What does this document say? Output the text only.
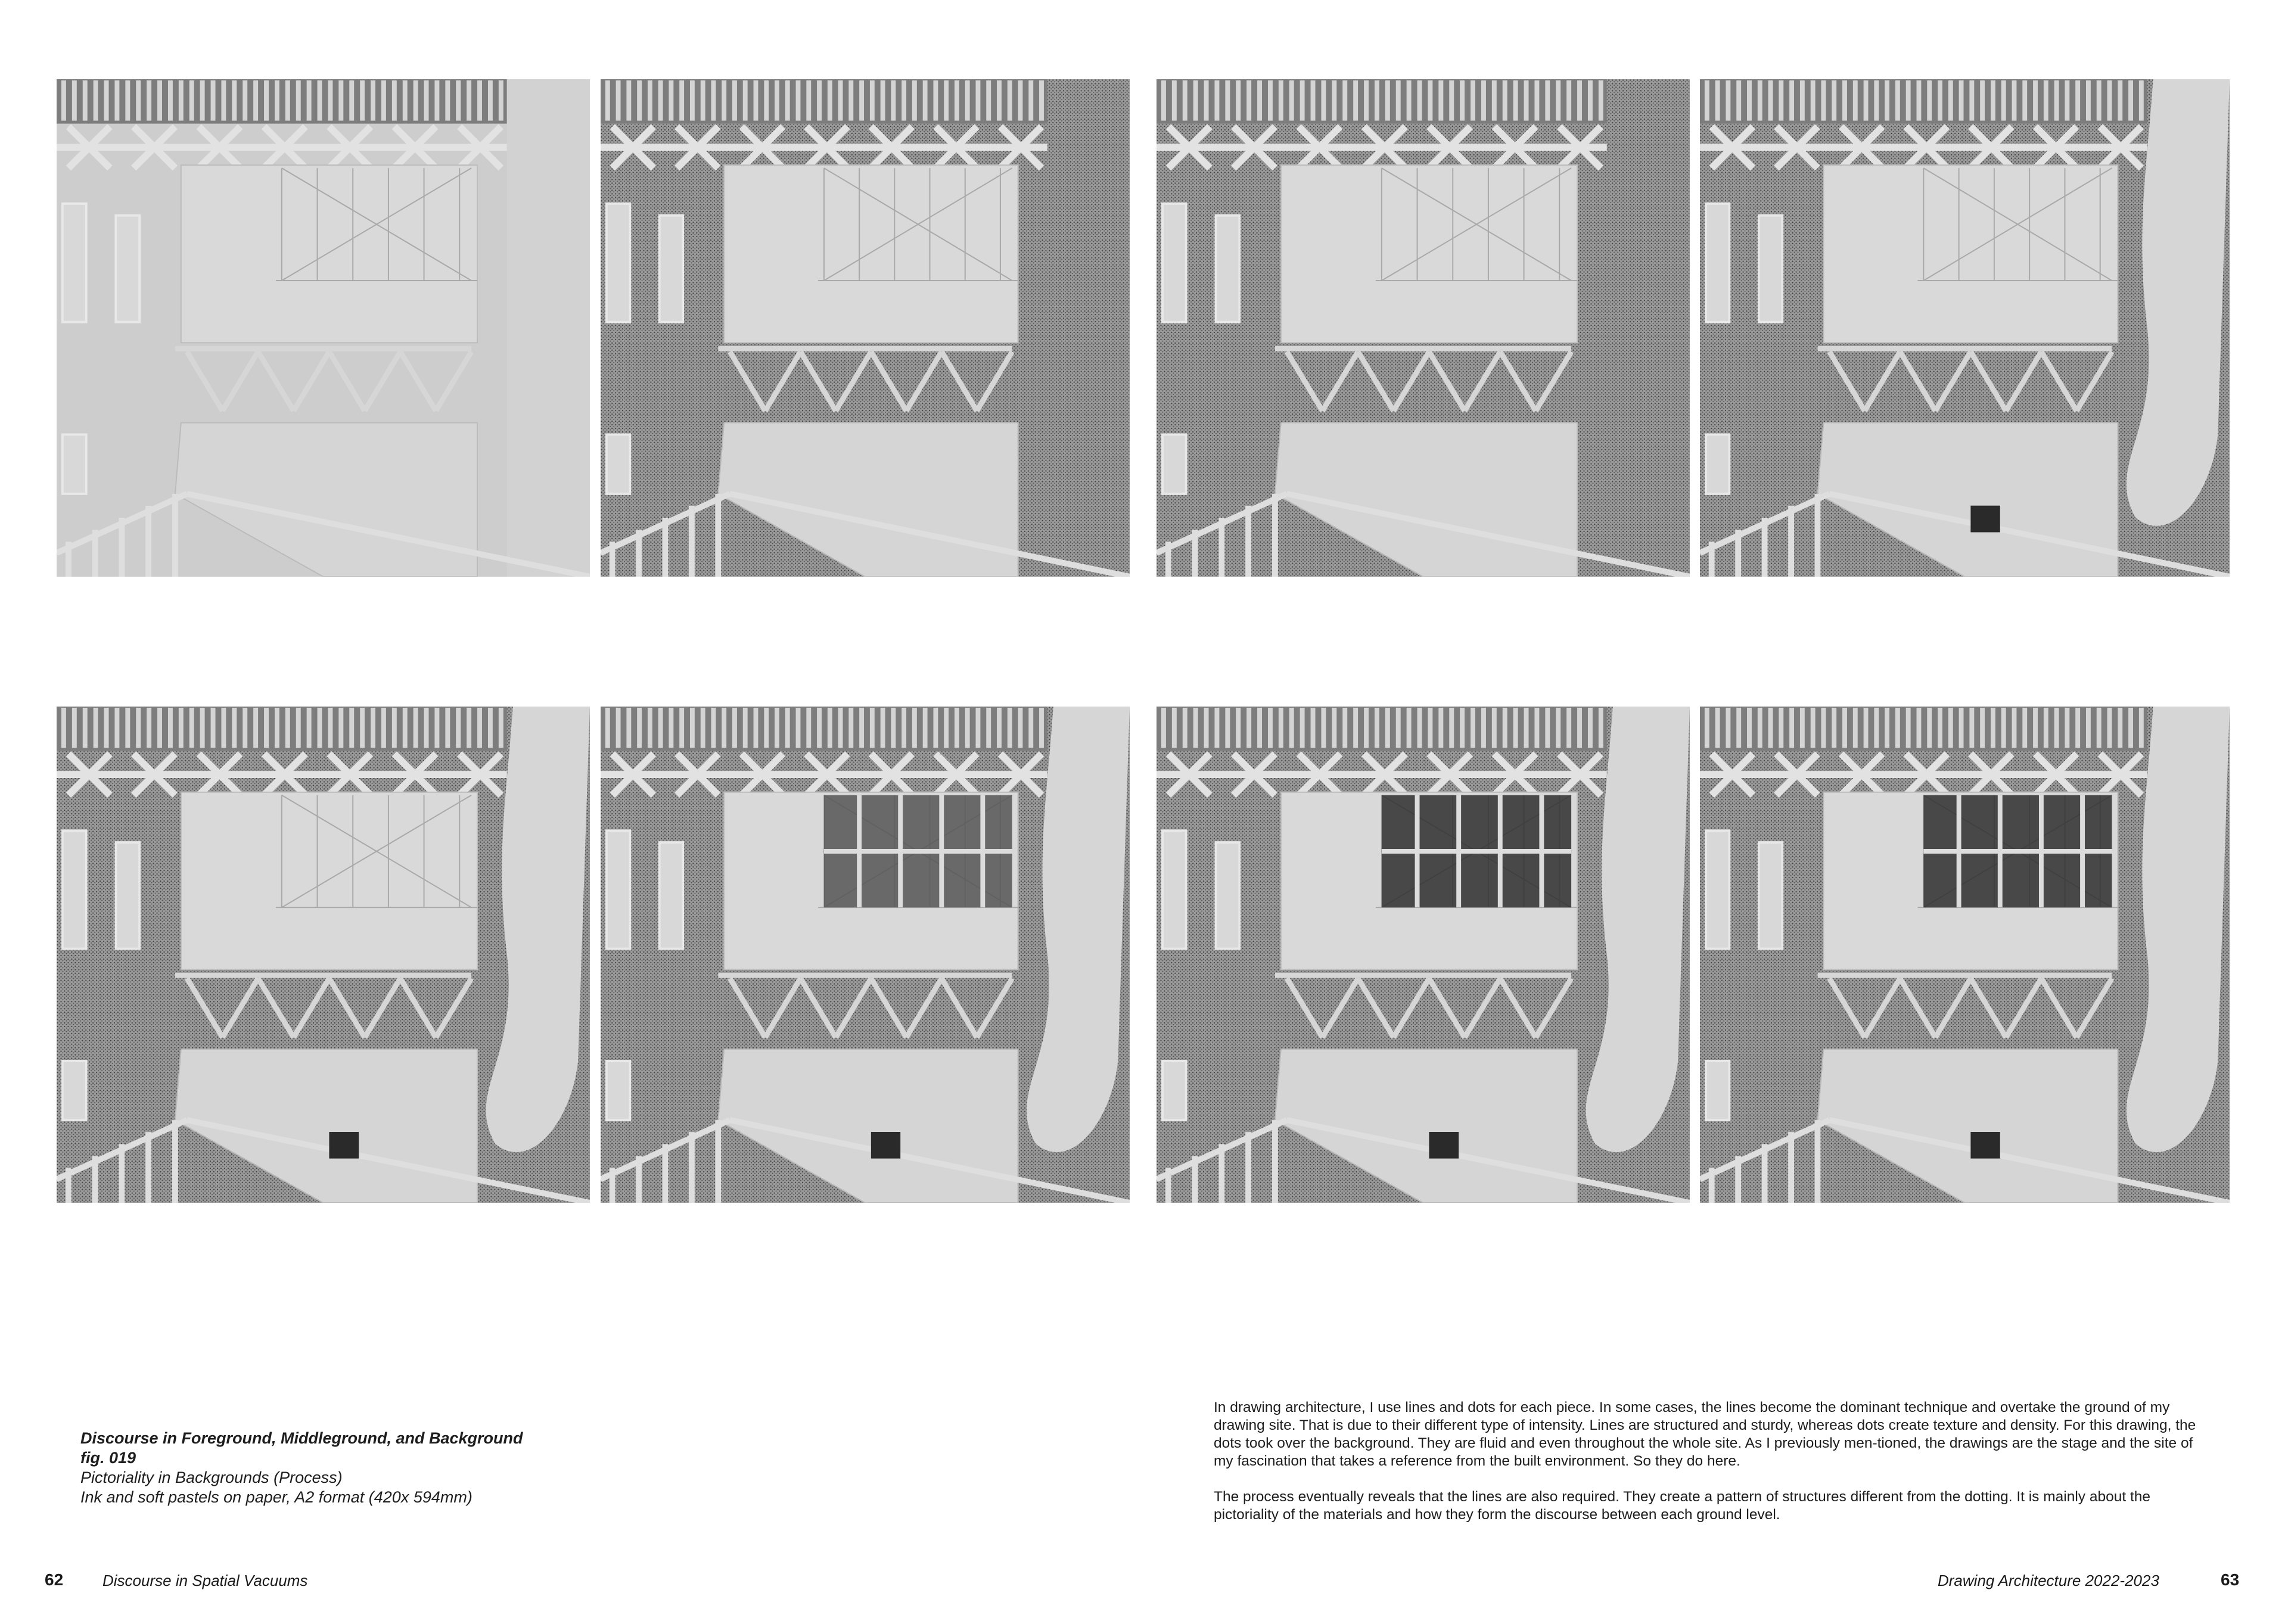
Discourse in Foreground, Middleground, and Background
fig. 019
Pictoriality in Backgrounds (Process)
Ink and soft pastels on paper, A2 format (420x 594mm)

In drawing architecture, I use lines and dots for each piece. In some cases, the lines become the dominant technique and overtake the ground of my drawing site. That is due to their different type of intensity. Lines are structured and sturdy, whereas dots create texture and density. For this drawing, the dots took over the background. They are fluid and even throughout the whole site. As I previously men-tioned, the drawings are the stage and the site of my fascination that takes a reference from the built environment. So they do here.

The process eventually reveals that the lines are also required. They create a pattern of structures different from the dotting. It is mainly about the pictoriality of the materials and how they form the discourse between each ground level.

62	Discourse in Spatial Vacuums	Drawing Architecture 2022-2023	63
